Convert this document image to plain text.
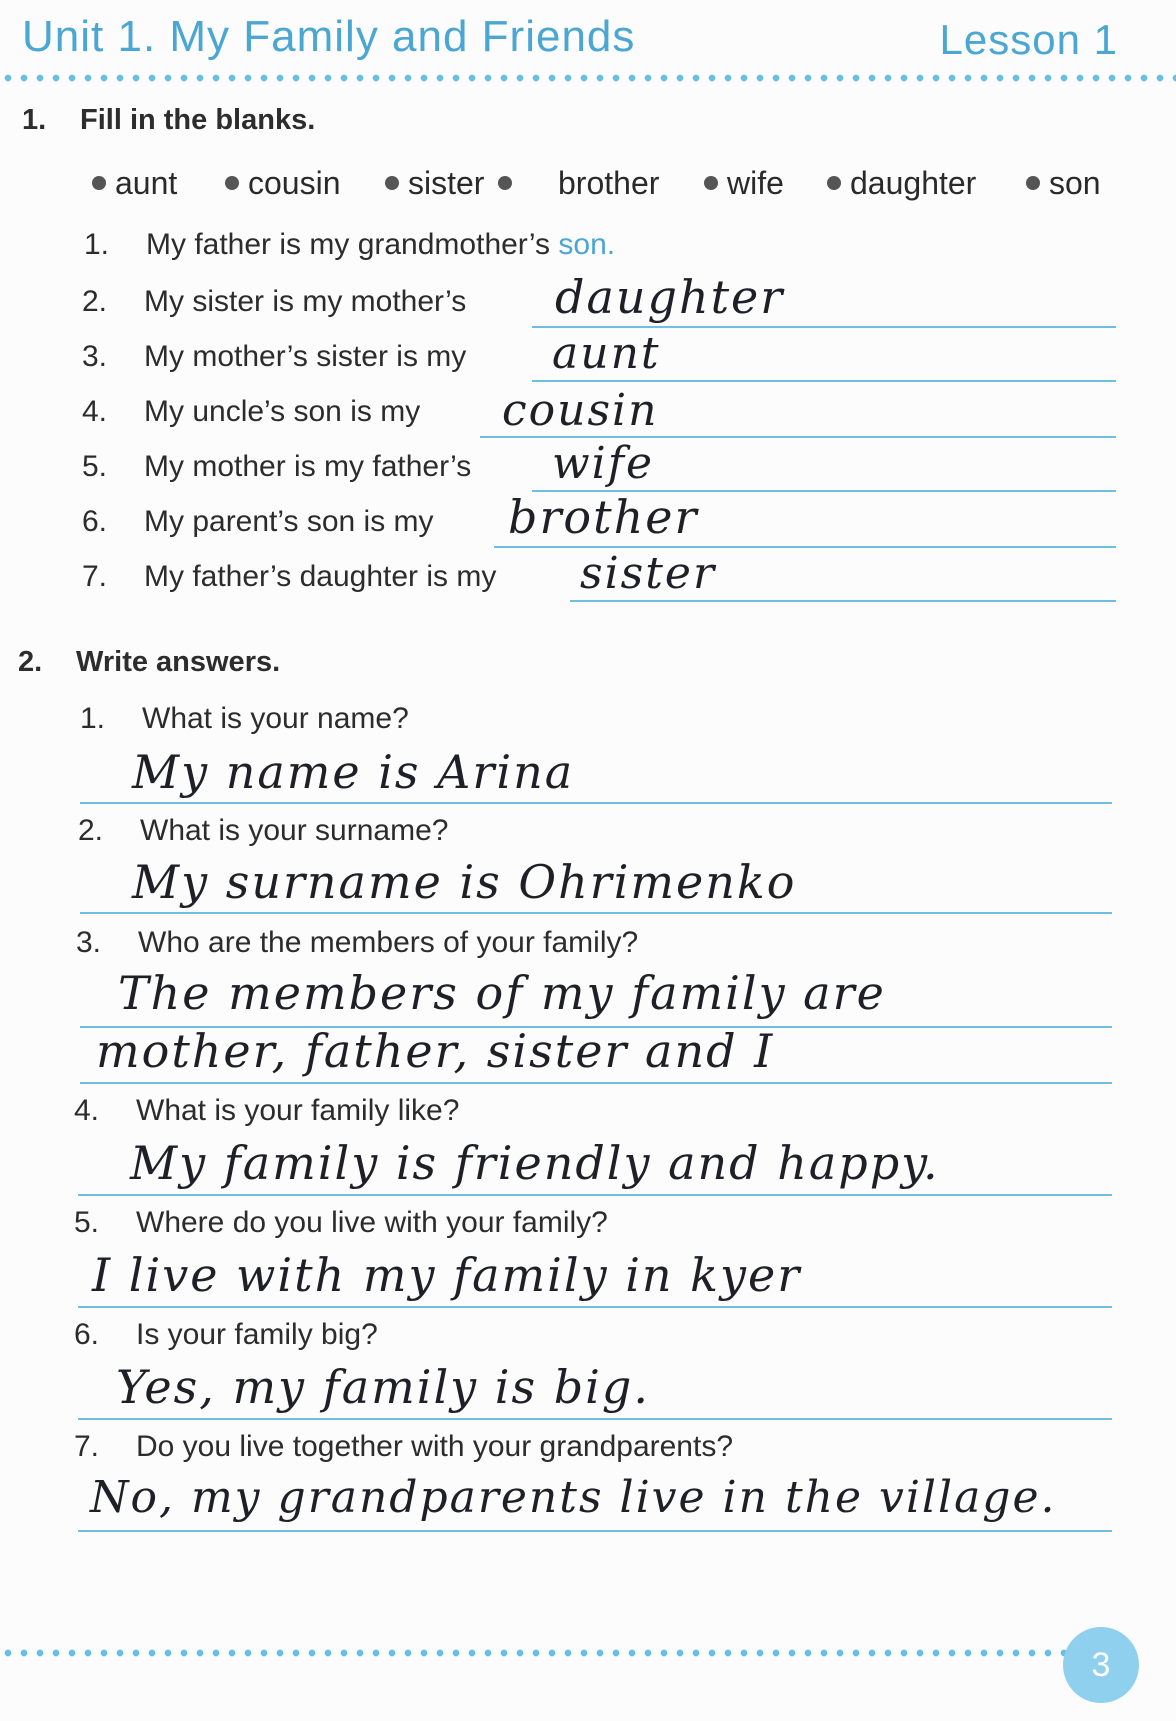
Unit 1. My Family and Friends	Lesson 1
1. Fill in the blanks.
aunt	cousin	sister	brother	wife	daughter	son
1. My father is my grandmother’s son.
2. My sister is my mother’s daughter
3. My mother’s sister is my aunt
4. My uncle’s son is my cousin
5. My mother is my father’s wife
6. My parent’s son is my brother
7. My father’s daughter is my sister
2. Write answers.
1. What is your name?
My name is Arina
2. What is your surname?
My surname is Ohrimenko
3. Who are the members of your family?
The members of my family are
mother, father, sister and I
4. What is your family like?
My family is friendly and happy.
5. Where do you live with your family?
I live with my family in kyer
6. Is your family big?
Yes, my family is big.
7. Do you live together with your grandparents?
No, my grandparents live in the village.
3
